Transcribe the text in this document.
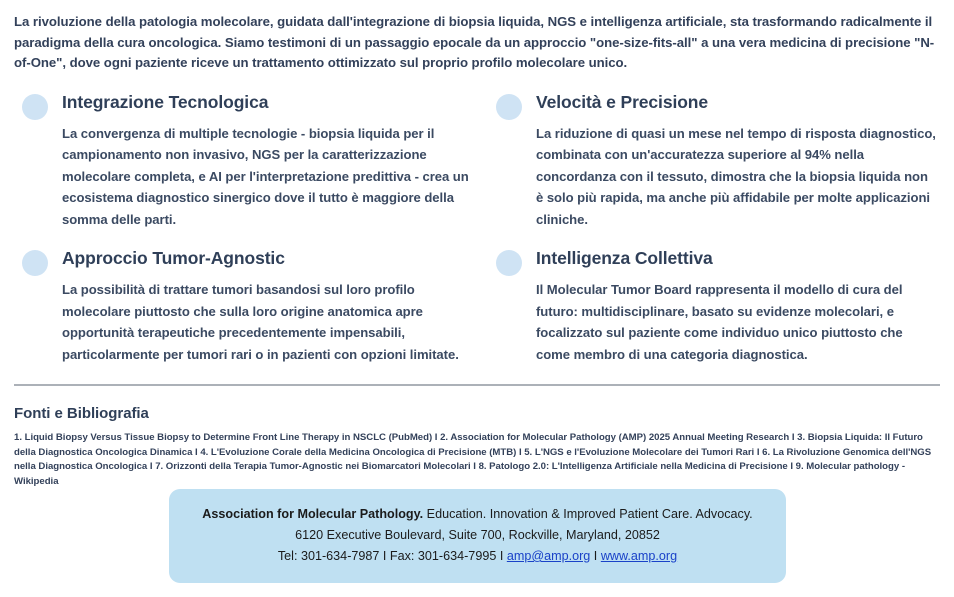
La rivoluzione della patologia molecolare, guidata dall'integrazione di biopsia liquida, NGS e intelligenza artificiale, sta trasformando radicalmente il paradigma della cura oncologica. Siamo testimoni di un passaggio epocale da un approccio "one-size-fits-all" a una vera medicina di precisione "N-of-One", dove ogni paziente riceve un trattamento ottimizzato sul proprio profilo molecolare unico.

Integrazione Tecnologica

La convergenza di multiple tecnologie - biopsia liquida per il campionamento non invasivo, NGS per la caratterizzazione molecolare completa, e AI per l'interpretazione predittiva - crea un ecosistema diagnostico sinergico dove il tutto è maggiore della somma delle parti.

Velocità e Precisione

La riduzione di quasi un mese nel tempo di risposta diagnostico, combinata con un'accuratezza superiore al 94% nella concordanza con il tessuto, dimostra che la biopsia liquida non è solo più rapida, ma anche più affidabile per molte applicazioni cliniche.

Approccio Tumor-Agnostic

La possibilità di trattare tumori basandosi sul loro profilo molecolare piuttosto che sulla loro origine anatomica apre opportunità terapeutiche precedentemente impensabili, particolarmente per tumori rari o in pazienti con opzioni limitate.

Intelligenza Collettiva

Il Molecular Tumor Board rappresenta il modello di cura del futuro: multidisciplinare, basato su evidenze molecolari, e focalizzato sul paziente come individuo unico piuttosto che come membro di una categoria diagnostica.

Fonti e Bibliografia

1. Liquid Biopsy Versus Tissue Biopsy to Determine Front Line Therapy in NSCLC (PubMed) I 2. Association for Molecular Pathology (AMP) 2025 Annual Meeting Research I 3. Biopsia Liquida: Il Futuro della Diagnostica Oncologica Dinamica I 4. L'Evoluzione Corale della Medicina Oncologica di Precisione (MTB) I 5. L'NGS e l'Evoluzione Molecolare dei Tumori Rari I 6. La Rivoluzione Genomica dell'NGS nella Diagnostica Oncologica I 7. Orizzonti della Terapia Tumor-Agnostic nei Biomarcatori Molecolari I 8. Patologo 2.0: L'Intelligenza Artificiale nella Medicina di Precisione I 9. Molecular pathology - Wikipedia

Association for Molecular Pathology. Education. Innovation & Improved Patient Care. Advocacy.
6120 Executive Boulevard, Suite 700, Rockville, Maryland, 20852
Tel: 301-634-7987 I Fax: 301-634-7995 I amp@amp.org I www.amp.org
